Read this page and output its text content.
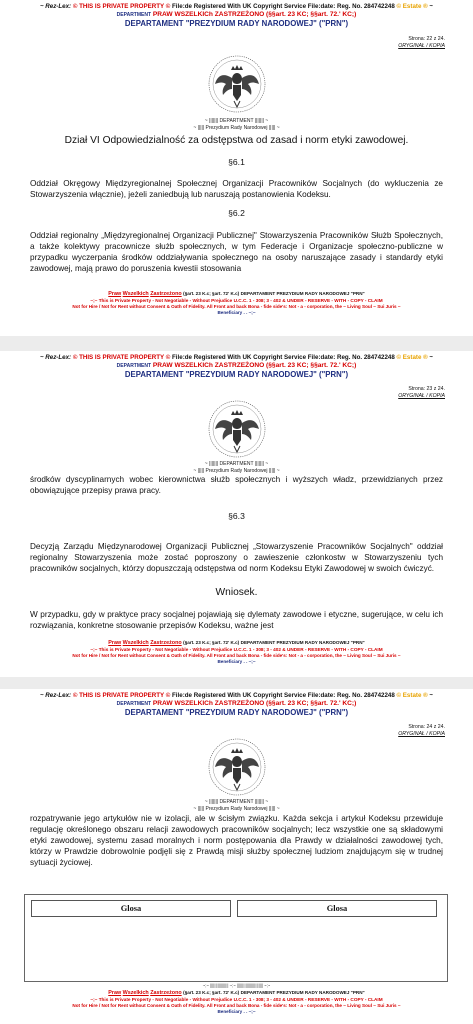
~ Rez-Lex: © THIS IS PRIVATE PROPERTY © File:de Registered With UK Copyright Service File:date: Reg. No. 284742248 © Estate ® ~
DEPARTMENT PRAW WSZELKICh ZASTRZEŻONO (§§art. 23 KC; §§art. 72.' KC;)
DEPARTAMENT "PREZYDIUM RADY NARODOWEJ" ("PRN")
Strona: 22 z 24.
ORYGINAŁ / KOPIA
~ ||||||| DEPARTMENT ||||||| ~
~ ||||| Prezydium Rady Narodowej ||||| ~
Dział VI Odpowiedzialność za odstępstwa od zasad i norm etyki zawodowej.
§6.1
Oddział Okręgowy Międzyregionalnej Społecznej Organizacji Pracowników Socjalnych (do wykluczenia ze Stowarzyszenia włącznie), jeżeli zaniedbują lub naruszają postanowienia Kodeksu.
§6.2
Oddział regionalny „Międzyregionalnej Organizacji Publicznej" Stowarzyszenia Pracowników Służb Społecznych, a także kolektywy pracownicze służb społecznych, w tym Federacje i Organizacje społeczno-publiczne w przypadku wyczerpania środków oddziaływania społecznego na osoby naruszające zasady i standardy etyki zawodowej, mają prawo do poruszenia kwestii stosowania
Praw Wszelkich Zastrzeżono (§art. 23 K.c; §art. 72' K.c) DEPARTAMENT PREZYDIUM RADY NARODOWEJ "PRN"
~;~ This is Private Property - Not Negotiable - Without Prejudice U.C.C. 1 - 308; 3 - 402 & UNDER - RESERVE - WITH - COPY - CLAIM
Not for Hire / Not for Rent without Consent & Oath of Fidelity. All Front and back Bona - fide side's: Not - a - corporation, the ~ Living Soul ~ Sui Juris ~
Beneficiary . . ~;~
~ Rez-Lex: © THIS IS PRIVATE PROPERTY © File:de Registered With UK Copyright Service File:date: Reg. No. 284742248 © Estate ® ~
DEPARTMENT PRAW WSZELKICh ZASTRZEŻONO (§§art. 23 KC; §§art. 72.' KC;)
DEPARTAMENT "PREZYDIUM RADY NARODOWEJ" ("PRN")
Strona: 23 z 24.
ORYGINAŁ / KOPIA
~ ||||||| DEPARTMENT ||||||| ~
~ ||||| Prezydium Rady Narodowej ||||| ~
środków dyscyplinarnych wobec kierownictwa służb społecznych i wyższych władz, przewidzianych przez obowiązujące przepisy prawa pracy.
§6.3
Decyzją Zarządu Międzynarodowej Organizacji Publicznej „Stowarzyszenie Pracowników Socjalnych" oddział regionalny Stowarzyszenia może zostać poproszony o zawieszenie członkostw w Stowarzyszeniu tych pracowników socjalnych, którzy dopuszczają odstępstwa od norm Kodeksu Etyki Zawodowej w swoich ćwiczyć.
Wniosek.
W przypadku, gdy w praktyce pracy socjalnej pojawiają się dylematy zawodowe i etyczne, sugerujące, w celu ich rozwiązania, konkretne stosowanie przepisów Kodeksu, ważne jest
Praw Wszelkich Zastrzeżono (§art. 23 K.c; §art. 72' K.c) DEPARTAMENT PREZYDIUM RADY NARODOWEJ "PRN"
~;~ This is Private Property - Not Negotiable - Without Prejudice U.C.C. 1 - 308; 3 - 402 & UNDER - RESERVE - WITH - COPY - CLAIM
Not for Hire / Not for Rent without Consent & Oath of Fidelity. All Front and back Bona - fide side's: Not - a - corporation, the ~ Living Soul ~ Sui Juris ~
Beneficiary . . ~;~
~ Rez-Lex: © THIS IS PRIVATE PROPERTY © File:de Registered With UK Copyright Service File:date: Reg. No. 284742248 © Estate ® ~
DEPARTMENT PRAW WSZELKICh ZASTRZEŻONO (§§art. 23 KC; §§art. 72.' KC;)
DEPARTAMENT "PREZYDIUM RADY NARODOWEJ" ("PRN")
Strona: 24 z 24.
ORYGINAŁ / KOPIA
~ ||||||| DEPARTMENT ||||||| ~
~ ||||| Prezydium Rady Narodowej ||||| ~
rozpatrywanie jego artykułów nie w izolacji, ale w ścisłym związku. Każda sekcja i artykuł Kodeksu przewiduje regulację określonego obszaru relacji zawodowych pracowników socjalnych; lecz wszystkie one są składowymi etyki zawodowej, systemu zasad moralnych i norm postępowania dla Prawdy w działalności zawodowej tych, którzy w Prawdzie dobrowolnie podjęli się z Prawdą misji służby społecznej ludziom znajdującym się w trudnej sytuacji życiowej.
Glosa	Glosa
~;~ ||||||||||||||||| ~;~ |||||||||||||||||||||||| ~;~
Praw Wszelkich Zastrzeżono (§art. 23 K.c; §art. 72' K.c) DEPARTAMENT PREZYDIUM RADY NARODOWEJ "PRN"
~;~ This is Private Property - Not Negotiable - Without Prejudice U.C.C. 1 - 308; 3 - 402 & UNDER - RESERVE - WITH - COPY - CLAIM
Not for Hire / Not for Rent without Consent & Oath of Fidelity. All Front and back Bona - fide side's: Not - a - corporation, the ~ Living Soul ~ Sui Juris ~
Beneficiary . . ~;~
